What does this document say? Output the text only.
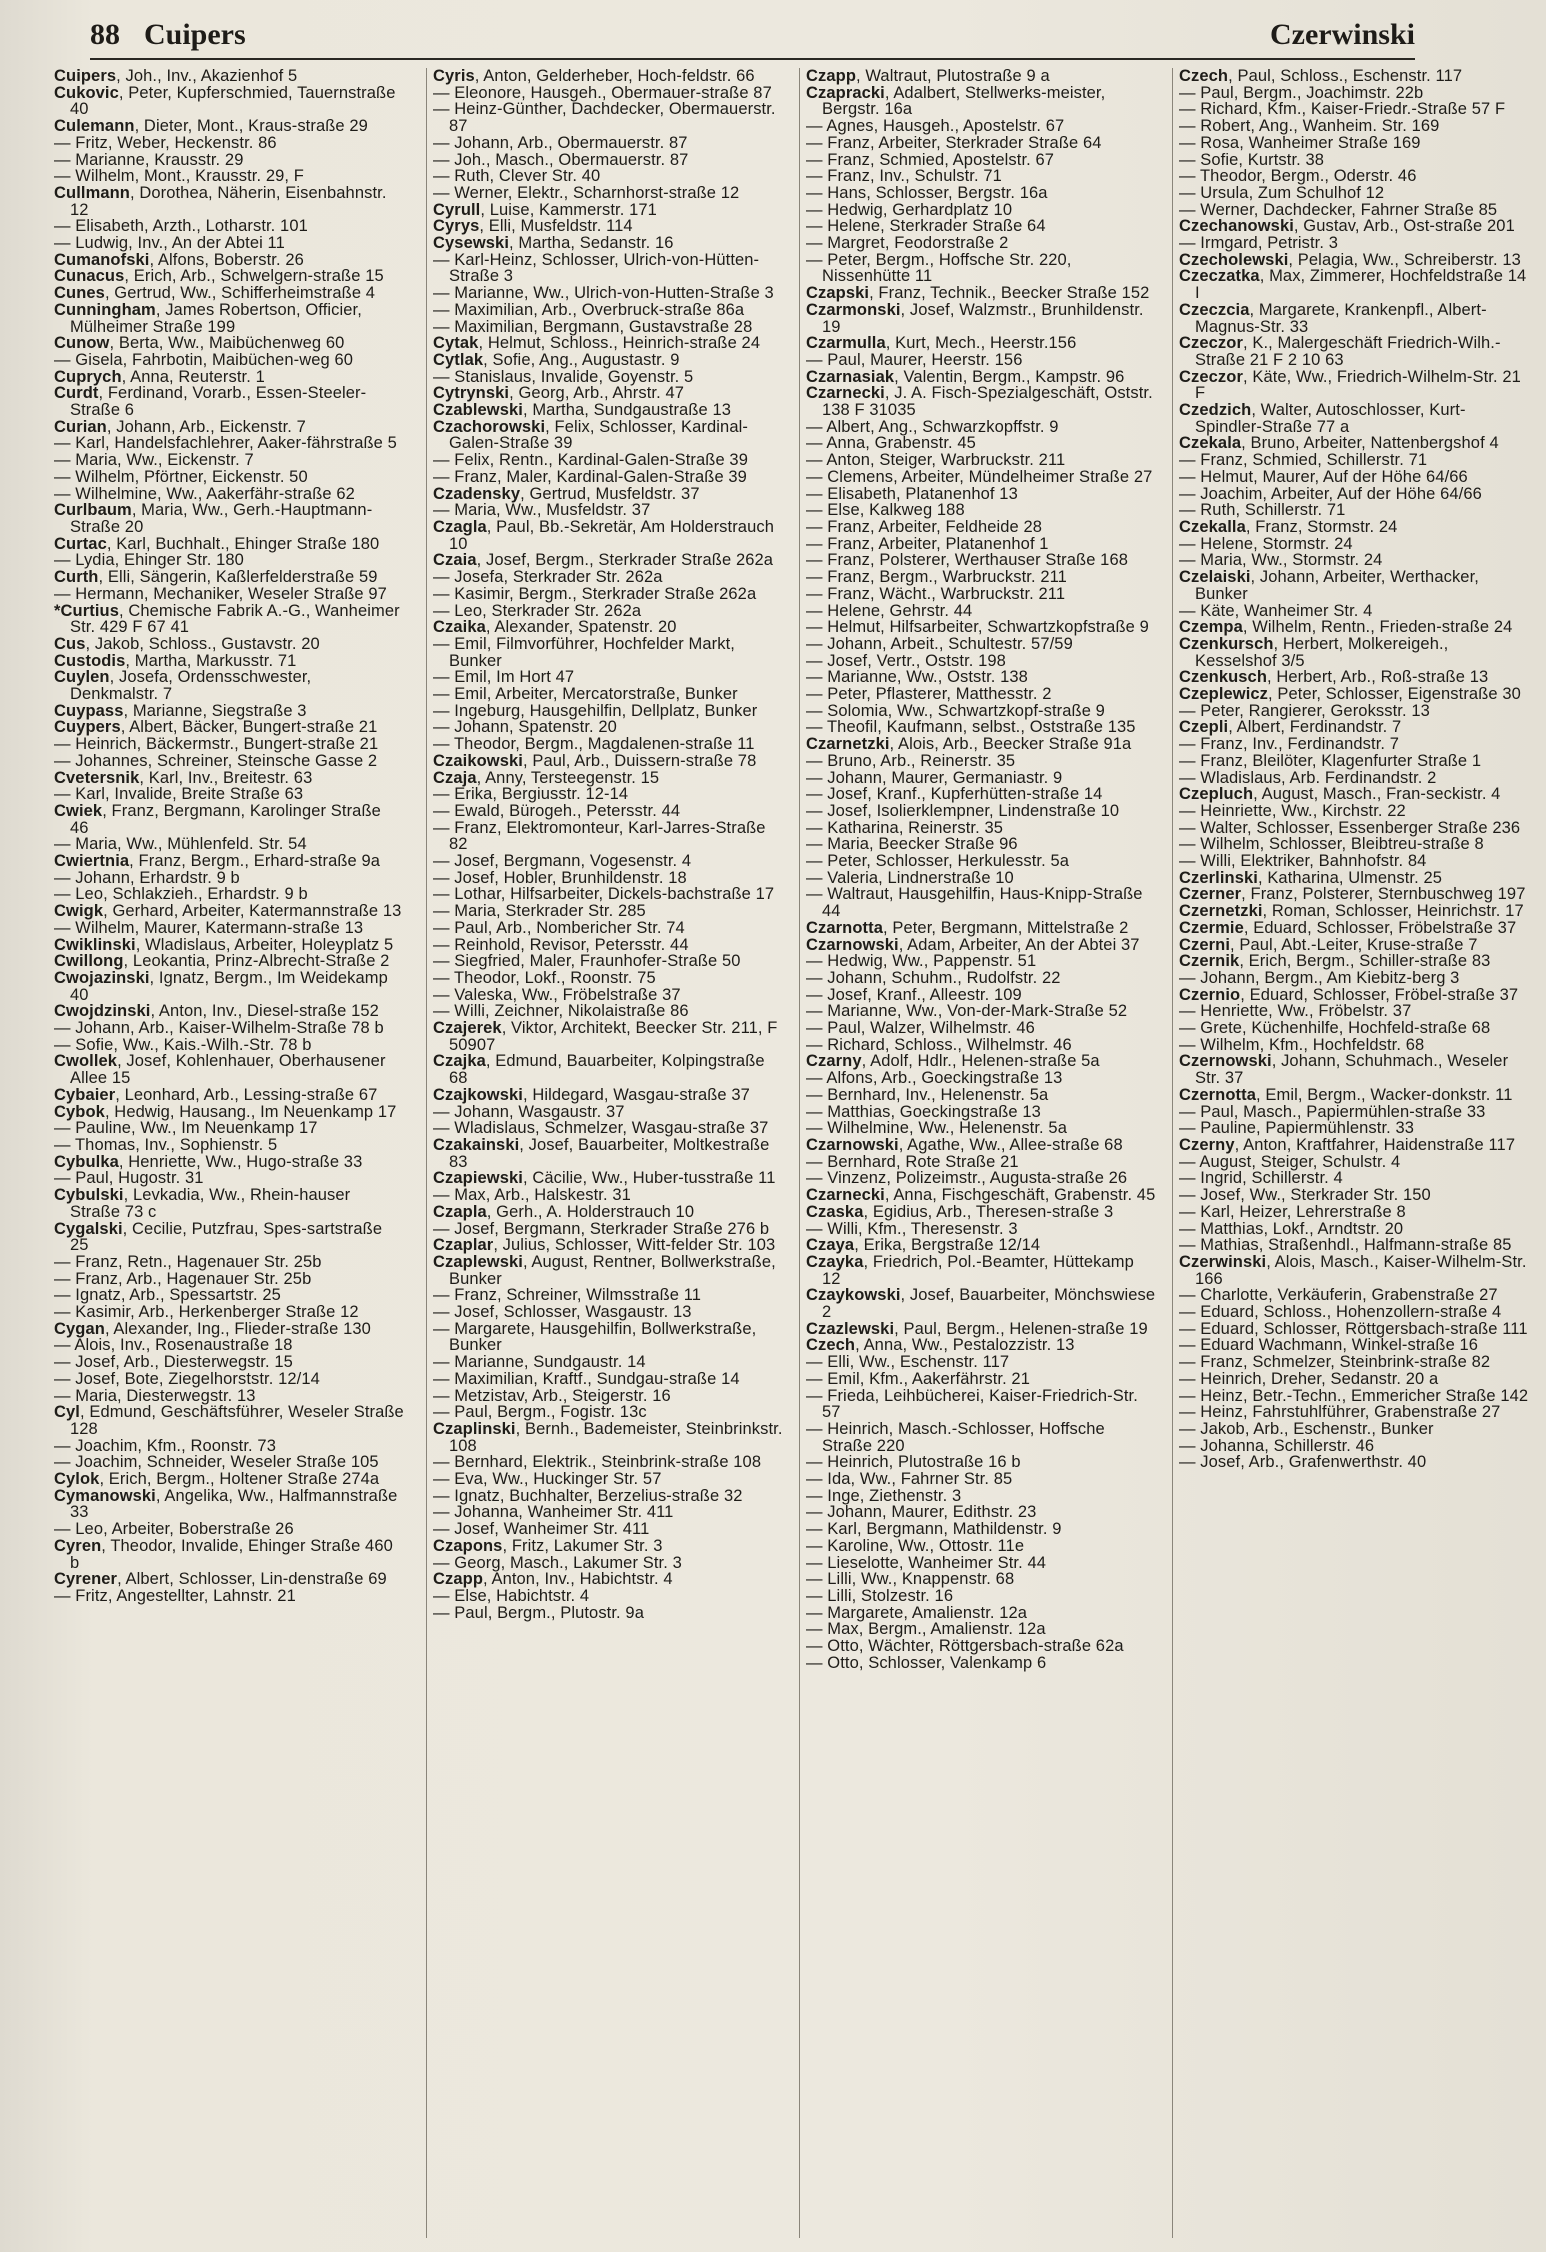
88 Cuipers	Czerwinski

Cuipers, Joh., Inv., Akazienhof 5

Cukovic, Peter, Kupferschmied, Tauernstraße 40

Culemann, Dieter, Mont., Kraus-straße 29

— Fritz, Weber, Heckenstr. 86

— Marianne, Krausstr. 29

— Wilhelm, Mont., Krausstr. 29, F

Cullmann, Dorothea, Näherin, Eisenbahnstr. 12

— Elisabeth, Arzth., Lotharstr. 101

— Ludwig, Inv., An der Abtei 11

Cumanofski, Alfons, Boberstr. 26

Cunacus, Erich, Arb., Schwelgern-straße 15

Cunes, Gertrud, Ww., Schifferheimstraße 4

Cunningham, James Robertson, Officier, Mülheimer Straße 199

Cunow, Berta, Ww., Maibüchenweg 60

— Gisela, Fahrbotin, Maibüchen-weg 60

Cuprych, Anna, Reuterstr. 1

Curdt, Ferdinand, Vorarb., Essen-Steeler-Straße 6

Curian, Johann, Arb., Eickenstr. 7

— Karl, Handelsfachlehrer, Aaker-fährstraße 5

— Maria, Ww., Eickenstr. 7

— Wilhelm, Pförtner, Eickenstr. 50

— Wilhelmine, Ww., Aakerfähr-straße 62

Curlbaum, Maria, Ww., Gerh.-Hauptmann-Straße 20

Curtac, Karl, Buchhalt., Ehinger Straße 180

— Lydia, Ehinger Str. 180

Curth, Elli, Sängerin, Kaßlerfelderstraße 59

— Hermann, Mechaniker, Weseler Straße 97

*Curtius, Chemische Fabrik A.-G., Wanheimer Str. 429 F 67 41

Cus, Jakob, Schloss., Gustavstr. 20

Custodis, Martha, Markusstr. 71

Cuylen, Josefa, Ordensschwester, Denkmalstr. 7

Cuypass, Marianne, Siegstraße 3

Cuypers, Albert, Bäcker, Bungert-straße 21

— Heinrich, Bäckermstr., Bungert-straße 21

— Johannes, Schreiner, Steinsche Gasse 2

Cvetersnik, Karl, Inv., Breitestr. 63

— Karl, Invalide, Breite Straße 63

Cwiek, Franz, Bergmann, Karolinger Straße 46

— Maria, Ww., Mühlenfeld. Str. 54

Cwiertnia, Franz, Bergm., Erhard-straße 9a

— Johann, Erhardstr. 9 b

— Leo, Schlakzieh., Erhardstr. 9 b

Cwigk, Gerhard, Arbeiter, Katermannstraße 13

— Wilhelm, Maurer, Katermann-straße 13

Cwiklinski, Wladislaus, Arbeiter, Holeyplatz 5

Cwillong, Leokantia, Prinz-Albrecht-Straße 2

Cwojazinski, Ignatz, Bergm., Im Weidekamp 40

Cwojdzinski, Anton, Inv., Diesel-straße 152

— Johann, Arb., Kaiser-Wilhelm-Straße 78 b

— Sofie, Ww., Kais.-Wilh.-Str. 78 b

Cwollek, Josef, Kohlenhauer, Oberhausener Allee 15

Cybaier, Leonhard, Arb., Lessing-straße 67

Cybok, Hedwig, Hausang., Im Neuenkamp 17

— Pauline, Ww., Im Neuenkamp 17

— Thomas, Inv., Sophienstr. 5

Cybulka, Henriette, Ww., Hugo-straße 33

— Paul, Hugostr. 31

Cybulski, Levkadia, Ww., Rhein-hauser Straße 73 c

Cygalski, Cecilie, Putzfrau, Spes-sartstraße 25

— Franz, Retn., Hagenauer Str. 25b

— Franz, Arb., Hagenauer Str. 25b

— Ignatz, Arb., Spessartstr. 25

— Kasimir, Arb., Herkenberger Straße 12

Cygan, Alexander, Ing., Flieder-straße 130

— Alois, Inv., Rosenaustraße 18

— Josef, Arb., Diesterwegstr. 15

— Josef, Bote, Ziegelhorststr. 12/14

— Maria, Diesterwegstr. 13

Cyl, Edmund, Geschäftsführer, Weseler Straße 128

— Joachim, Kfm., Roonstr. 73

— Joachim, Schneider, Weseler Straße 105

Cylok, Erich, Bergm., Holtener Straße 274a

Cymanowski, Angelika, Ww., Halfmannstraße 33

— Leo, Arbeiter, Boberstraße 26

Cyren, Theodor, Invalide, Ehinger Straße 460 b

Cyrener, Albert, Schlosser, Lin-denstraße 69

— Fritz, Angestellter, Lahnstr. 21

Cyris, Anton, Gelderheber, Hoch-feldstr. 66

— Eleonore, Hausgeh., Obermauer-straße 87

— Heinz-Günther, Dachdecker, Obermauerstr. 87

— Johann, Arb., Obermauerstr. 87

— Joh., Masch., Obermauerstr. 87

— Ruth, Clever Str. 40

— Werner, Elektr., Scharnhorst-straße 12

Cyrull, Luise, Kammerstr. 171

Cyrys, Elli, Musfeldstr. 114

Cysewski, Martha, Sedanstr. 16

— Karl-Heinz, Schlosser, Ulrich-von-Hütten-Straße 3

— Marianne, Ww., Ulrich-von-Hutten-Straße 3

— Maximilian, Arb., Overbruck-straße 86a

— Maximilian, Bergmann, Gustavstraße 28

Cytak, Helmut, Schloss., Heinrich-straße 24

Cytlak, Sofie, Ang., Augustastr. 9

— Stanislaus, Invalide, Goyenstr. 5

Cytrynski, Georg, Arb., Ahrstr. 47

Czablewski, Martha, Sundgaustraße 13

Czachorowski, Felix, Schlosser, Kardinal-Galen-Straße 39

— Felix, Rentn., Kardinal-Galen-Straße 39

— Franz, Maler, Kardinal-Galen-Straße 39

Czadensky, Gertrud, Musfeldstr. 37

— Maria, Ww., Musfeldstr. 37

Czagla, Paul, Bb.-Sekretär, Am Holderstrauch 10

Czaia, Josef, Bergm., Sterkrader Straße 262a

— Josefa, Sterkrader Str. 262a

— Kasimir, Bergm., Sterkrader Straße 262a

— Leo, Sterkrader Str. 262a

Czaika, Alexander, Spatenstr. 20

— Emil, Filmvorführer, Hochfelder Markt, Bunker

— Emil, Im Hort 47

— Emil, Arbeiter, Mercatorstraße, Bunker

— Ingeburg, Hausgehilfin, Dellplatz, Bunker

— Johann, Spatenstr. 20

— Theodor, Bergm., Magdalenen-straße 11

Czaikowski, Paul, Arb., Duissern-straße 78

Czaja, Anny, Tersteegenstr. 15

— Erika, Bergiusstr. 12-14

— Ewald, Bürogeh., Petersstr. 44

— Franz, Elektromonteur, Karl-Jarres-Straße 82

— Josef, Bergmann, Vogesenstr. 4

— Josef, Hobler, Brunhildenstr. 18

— Lothar, Hilfsarbeiter, Dickels-bachstraße 17

— Maria, Sterkrader Str. 285

— Paul, Arb., Nombericher Str. 74

— Reinhold, Revisor, Petersstr. 44

— Siegfried, Maler, Fraunhofer-Straße 50

— Theodor, Lokf., Roonstr. 75

— Valeska, Ww., Fröbelstraße 37

— Willi, Zeichner, Nikolaistraße 86

Czajerek, Viktor, Architekt, Beecker Str. 211, F 50907

Czajka, Edmund, Bauarbeiter, Kolpingstraße 68

Czajkowski, Hildegard, Wasgau-straße 37

— Johann, Wasgaustr. 37

— Wladislaus, Schmelzer, Wasgau-straße 37

Czakainski, Josef, Bauarbeiter, Moltkestraße 83

Czapiewski, Cäcilie, Ww., Huber-tusstraße 11

— Max, Arb., Halskestr. 31

Czapla, Gerh., A. Holderstrauch 10

— Josef, Bergmann, Sterkrader Straße 276 b

Czaplar, Julius, Schlosser, Witt-felder Str. 103

Czaplewski, August, Rentner, Bollwerkstraße, Bunker

— Franz, Schreiner, Wilmsstraße 11

— Josef, Schlosser, Wasgaustr. 13

— Margarete, Hausgehilfin, Bollwerkstraße, Bunker

— Marianne, Sundgaustr. 14

— Maximilian, Kraftf., Sundgau-straße 14

— Metzistav, Arb., Steigerstr. 16

— Paul, Bergm., Fogistr. 13c

Czaplinski, Bernh., Bademeister, Steinbrinkstr. 108

— Bernhard, Elektrik., Steinbrink-straße 108

— Eva, Ww., Huckinger Str. 57

— Ignatz, Buchhalter, Berzelius-straße 32

— Johanna, Wanheimer Str. 411

— Josef, Wanheimer Str. 411

Czapons, Fritz, Lakumer Str. 3

— Georg, Masch., Lakumer Str. 3

Czapp, Anton, Inv., Habichtstr. 4

— Else, Habichtstr. 4

— Paul, Bergm., Plutostr. 9a

Czapp, Waltraut, Plutostraße 9 a

Czapracki, Adalbert, Stellwerks-meister, Bergstr. 16a

— Agnes, Hausgeh., Apostelstr. 67

— Franz, Arbeiter, Sterkrader Straße 64

— Franz, Schmied, Apostelstr. 67

— Franz, Inv., Schulstr. 71

— Hans, Schlosser, Bergstr. 16a

— Hedwig, Gerhardplatz 10

— Helene, Sterkrader Straße 64

— Margret, Feodorstraße 2

— Peter, Bergm., Hoffsche Str. 220, Nissenhütte 11

Czapski, Franz, Technik., Beecker Straße 152

Czarmonski, Josef, Walzmstr., Brunhildenstr. 19

Czarmulla, Kurt, Mech., Heerstr.156

— Paul, Maurer, Heerstr. 156

Czarnasiak, Valentin, Bergm., Kampstr. 96

Czarnecki, J. A. Fisch-Spezialgeschäft, Oststr. 138 F 31035

— Albert, Ang., Schwarzkopffstr. 9

— Anna, Grabenstr. 45

— Anton, Steiger, Warbruckstr. 211

— Clemens, Arbeiter, Mündelheimer Straße 27

— Elisabeth, Platanenhof 13

— Else, Kalkweg 188

— Franz, Arbeiter, Feldheide 28

— Franz, Arbeiter, Platanenhof 1

— Franz, Polsterer, Werthauser Straße 168

— Franz, Bergm., Warbruckstr. 211

— Franz, Wächt., Warbruckstr. 211

— Helene, Gehrstr. 44

— Helmut, Hilfsarbeiter, Schwartzkopfstraße 9

— Johann, Arbeit., Schultestr. 57/59

— Josef, Vertr., Oststr. 198

— Marianne, Ww., Oststr. 138

— Peter, Pflasterer, Matthesstr. 2

— Solomia, Ww., Schwartzkopf-straße 9

— Theofil, Kaufmann, selbst., Oststraße 135

Czarnetzki, Alois, Arb., Beecker Straße 91a

— Bruno, Arb., Reinerstr. 35

— Johann, Maurer, Germaniastr. 9

— Josef, Kranf., Kupferhütten-straße 14

— Josef, Isolierklempner, Lindenstraße 10

— Katharina, Reinerstr. 35

— Maria, Beecker Straße 96

— Peter, Schlosser, Herkulesstr. 5a

— Valeria, Lindnerstraße 10

— Waltraut, Hausgehilfin, Haus-Knipp-Straße 44

Czarnotta, Peter, Bergmann, Mittelstraße 2

Czarnowski, Adam, Arbeiter, An der Abtei 37

— Hedwig, Ww., Pappenstr. 51

— Johann, Schuhm., Rudolfstr. 22

— Josef, Kranf., Alleestr. 109

— Marianne, Ww., Von-der-Mark-Straße 52

— Paul, Walzer, Wilhelmstr. 46

— Richard, Schloss., Wilhelmstr. 46

Czarny, Adolf, Hdlr., Helenen-straße 5a

— Alfons, Arb., Goeckingstraße 13

— Bernhard, Inv., Helenenstr. 5a

— Matthias, Goeckingstraße 13

— Wilhelmine, Ww., Helenenstr. 5a

Czarnowski, Agathe, Ww., Allee-straße 68

— Bernhard, Rote Straße 21

— Vinzenz, Polizeimstr., Augusta-straße 26

Czarnecki, Anna, Fischgeschäft, Grabenstr. 45

Czaska, Egidius, Arb., Theresen-straße 3

— Willi, Kfm., Theresenstr. 3

Czaya, Erika, Bergstraße 12/14

Czayka, Friedrich, Pol.-Beamter, Hüttekamp 12

Czaykowski, Josef, Bauarbeiter, Mönchswiese 2

Czazlewski, Paul, Bergm., Helenen-straße 19

Czech, Anna, Ww., Pestalozzistr. 13

— Elli, Ww., Eschenstr. 117

— Emil, Kfm., Aakerfährstr. 21

— Frieda, Leihbücherei, Kaiser-Friedrich-Str. 57

— Heinrich, Masch.-Schlosser, Hoffsche Straße 220

— Heinrich, Plutostraße 16 b

— Ida, Ww., Fahrner Str. 85

— Inge, Ziethenstr. 3

— Johann, Maurer, Edithstr. 23

— Karl, Bergmann, Mathildenstr. 9

— Karoline, Ww., Ottostr. 11e

— Lieselotte, Wanheimer Str. 44

— Lilli, Ww., Knappenstr. 68

— Lilli, Stolzestr. 16

— Margarete, Amalienstr. 12a

— Max, Bergm., Amalienstr. 12a

— Otto, Wächter, Röttgersbach-straße 62a

— Otto, Schlosser, Valenkamp 6

Czech, Paul, Schloss., Eschenstr. 117

— Paul, Bergm., Joachimstr. 22b

— Richard, Kfm., Kaiser-Friedr.-Straße 57 F

— Robert, Ang., Wanheim. Str. 169

— Rosa, Wanheimer Straße 169

— Sofie, Kurtstr. 38

— Theodor, Bergm., Oderstr. 46

— Ursula, Zum Schulhof 12

— Werner, Dachdecker, Fahrner Straße 85

Czechanowski, Gustav, Arb., Ost-straße 201

— Irmgard, Petristr. 3

Czecholewski, Pelagia, Ww., Schreiberstr. 13

Czeczatka, Max, Zimmerer, Hochfeldstraße 14 I

Czeczcia, Margarete, Krankenpfl., Albert-Magnus-Str. 33

Czeczor, K., Malergeschäft Friedrich-Wilh.-Straße 21 F 2 10 63

Czeczor, Käte, Ww., Friedrich-Wilhelm-Str. 21 F

Czedzich, Walter, Autoschlosser, Kurt-Spindler-Straße 77 a

Czekala, Bruno, Arbeiter, Nattenbergshof 4

— Franz, Schmied, Schillerstr. 71

— Helmut, Maurer, Auf der Höhe 64/66

— Joachim, Arbeiter, Auf der Höhe 64/66

— Ruth, Schillerstr. 71

Czekalla, Franz, Stormstr. 24

— Helene, Stormstr. 24

— Maria, Ww., Stormstr. 24

Czelaiski, Johann, Arbeiter, Werthacker, Bunker

— Käte, Wanheimer Str. 4

Czempa, Wilhelm, Rentn., Frieden-straße 24

Czenkursch, Herbert, Molkereigeh., Kesselshof 3/5

Czenkusch, Herbert, Arb., Roß-straße 13

Czeplewicz, Peter, Schlosser, Eigenstraße 30

— Peter, Rangierer, Geroksstr. 13

Czepli, Albert, Ferdinandstr. 7

— Franz, Inv., Ferdinandstr. 7

— Franz, Bleilöter, Klagenfurter Straße 1

— Wladislaus, Arb. Ferdinandstr. 2

Czepluch, August, Masch., Fran-seckistr. 4

— Heinriette, Ww., Kirchstr. 22

— Walter, Schlosser, Essenberger Straße 236

— Wilhelm, Schlosser, Bleibtreu-straße 8

— Willi, Elektriker, Bahnhofstr. 84

Czerlinski, Katharina, Ulmenstr. 25

Czerner, Franz, Polsterer, Sternbuschweg 197

Czernetzki, Roman, Schlosser, Heinrichstr. 17

Czermie, Eduard, Schlosser, Fröbelstraße 37

Czerni, Paul, Abt.-Leiter, Kruse-straße 7

Czernik, Erich, Bergm., Schiller-straße 83

— Johann, Bergm., Am Kiebitz-berg 3

Czernio, Eduard, Schlosser, Fröbel-straße 37

— Henriette, Ww., Fröbelstr. 37

— Grete, Küchenhilfe, Hochfeld-straße 68

— Wilhelm, Kfm., Hochfeldstr. 68

Czernowski, Johann, Schuhmach., Weseler Str. 37

Czernotta, Emil, Bergm., Wacker-donkstr. 11

— Paul, Masch., Papiermühlen-straße 33

— Pauline, Papiermühlenstr. 33

Czerny, Anton, Kraftfahrer, Haidenstraße 117

— August, Steiger, Schulstr. 4

— Ingrid, Schillerstr. 4

— Josef, Ww., Sterkrader Str. 150

— Karl, Heizer, Lehrerstraße 8

— Matthias, Lokf., Arndtstr. 20

— Mathias, Straßenhdl., Halfmann-straße 85

Czerwinski, Alois, Masch., Kaiser-Wilhelm-Str. 166

— Charlotte, Verkäuferin, Grabenstraße 27

— Eduard, Schloss., Hohenzollern-straße 4

— Eduard, Schlosser, Röttgersbach-straße 111

— Eduard Wachmann, Winkel-straße 16

— Franz, Schmelzer, Steinbrink-straße 82

— Heinrich, Dreher, Sedanstr. 20 a

— Heinz, Betr.-Techn., Emmericher Straße 142

— Heinz, Fahrstuhlführer, Grabenstraße 27

— Jakob, Arb., Eschenstr., Bunker

— Johanna, Schillerstr. 46

— Josef, Arb., Grafenwerthstr. 40
